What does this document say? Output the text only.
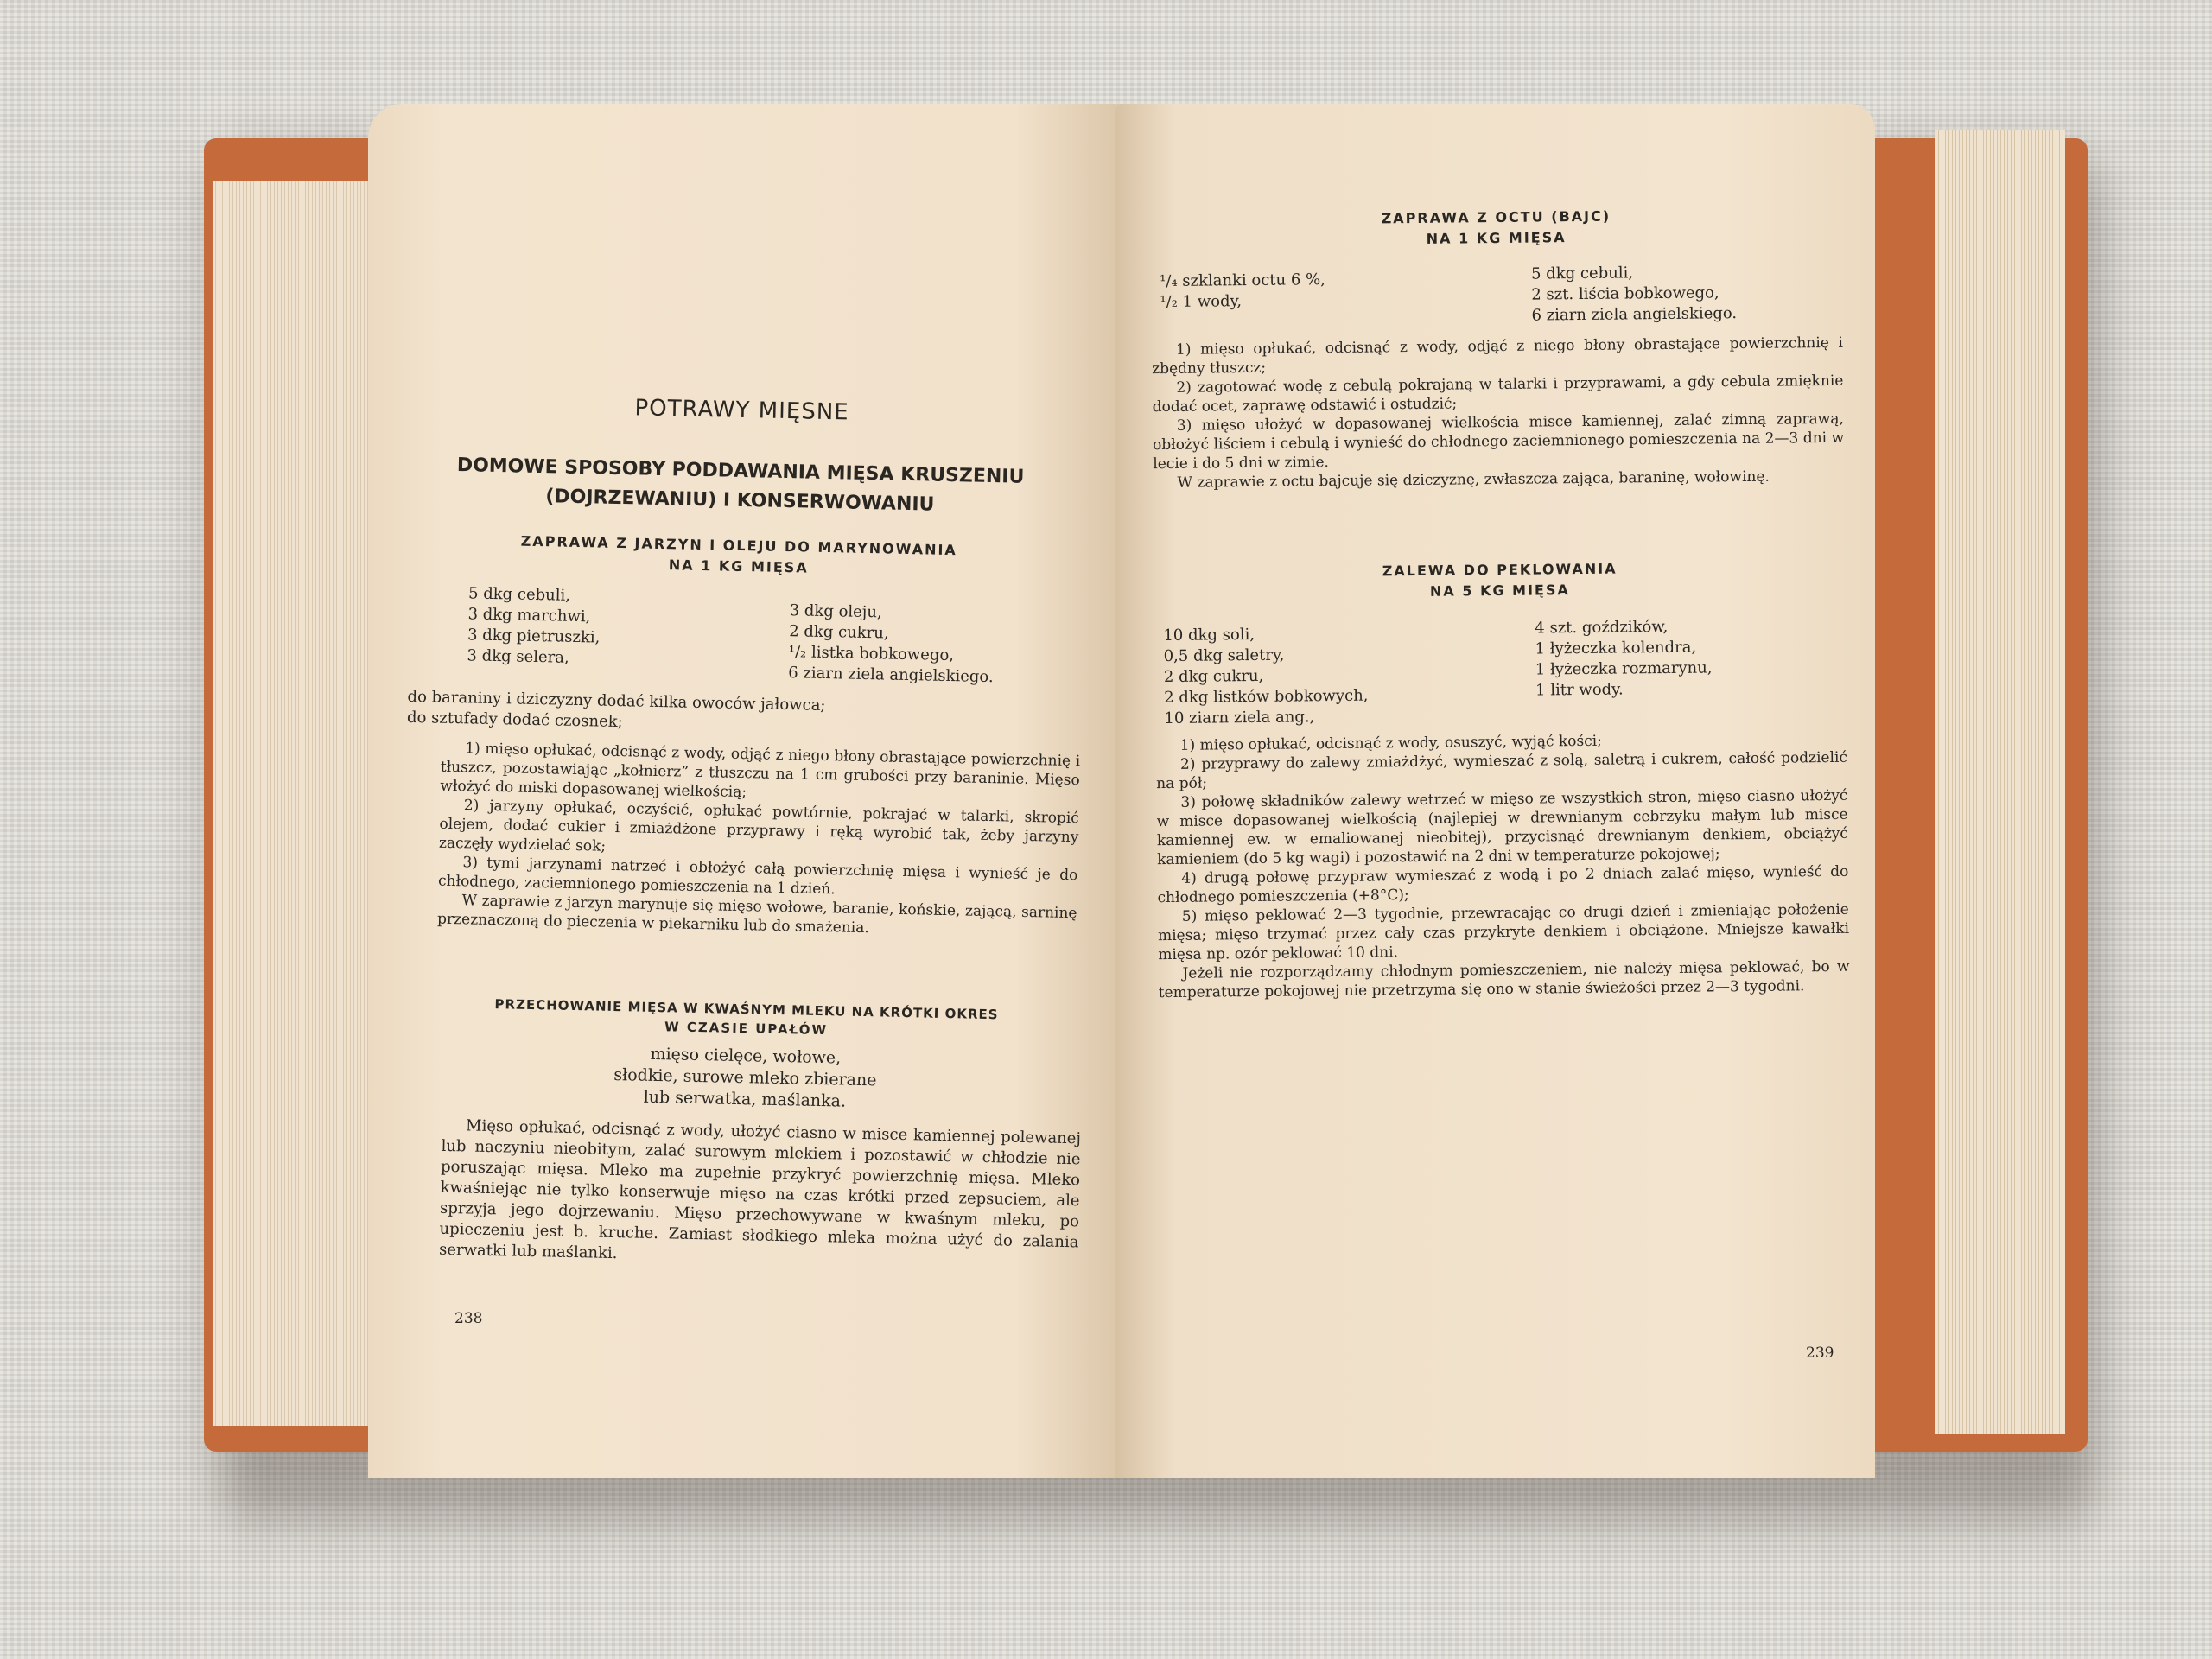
POTRAWY MIĘSNE
DOMOWE SPOSOBY PODDAWANIA MIĘSA KRUSZENIU
(DOJRZEWANIU) I KONSERWOWANIU
ZAPRAWA Z JARZYN I OLEJU DO MARYNOWANIA
NA 1 KG MIĘSA
5 dkg cebuli,
3 dkg marchwi,
3 dkg pietruszki,
3 dkg selera,
3 dkg oleju,
2 dkg cukru,
¹/₂ listka bobkowego,
6 ziarn ziela angielskiego.
do baraniny i dziczyzny dodać kilka owoców jałowca;
do sztufady dodać czosnek;

1) mięso opłukać, odcisnąć z wody, odjąć z niego błony obrastające powierzchnię i tłuszcz, pozostawiając „kołnierz” z tłuszczu na 1 cm grubości przy baraninie. Mięso włożyć do miski dopasowanej wielkością;

2) jarzyny opłukać, oczyścić, opłukać powtórnie, pokrajać w talarki, skropić olejem, dodać cukier i zmiażdżone przyprawy i ręką wyrobić tak, żeby jarzyny zaczęły wydzielać sok;

3) tymi jarzynami natrzeć i obłożyć całą powierzchnię mięsa i wynieść je do chłodnego, zaciemnionego pomieszczenia na 1 dzień.

W zaprawie z jarzyn marynuje się mięso wołowe, baranie, końskie, zającą, sarninę przeznaczoną do pieczenia w piekarniku lub do smażenia.

PRZECHOWANIE MIĘSA W KWAŚNYM MLEKU NA KRÓTKI OKRES
W CZASIE UPAŁÓW
mięso cielęce, wołowe,
słodkie, surowe mleko zbierane
lub serwatka, maślanka.

Mięso opłukać, odcisnąć z wody, ułożyć ciasno w misce kamiennej polewanej lub naczyniu nieobitym, zalać surowym mlekiem i pozostawić w chłodzie nie poruszając mięsa. Mleko ma zupełnie przykryć powierzchnię mięsa. Mleko kwaśniejąc nie tylko konserwuje mięso na czas krótki przed zepsuciem, ale sprzyja jego dojrzewaniu. Mięso przechowywane w kwaśnym mleku, po upieczeniu jest b. kruche. Zamiast słodkiego mleka można użyć do zalania serwatki lub maślanki.

238
ZAPRAWA Z OCTU (BAJC)
NA 1 KG MIĘSA
¹/₄ szklanki octu 6 %,
¹/₂ 1 wody,
5 dkg cebuli,
2 szt. liścia bobkowego,
6 ziarn ziela angielskiego.

1) mięso opłukać, odcisnąć z wody, odjąć z niego błony obrastające powierzchnię i zbędny tłuszcz;

2) zagotować wodę z cebulą pokrajaną w talarki i przyprawami, a gdy cebula zmięknie dodać ocet, zaprawę odstawić i ostudzić;

3) mięso ułożyć w dopasowanej wielkością misce kamiennej, zalać zimną zaprawą, obłożyć liściem i cebulą i wynieść do chłodnego zaciemnionego pomieszczenia na 2—3 dni w lecie i do 5 dni w zimie.

W zaprawie z octu bajcuje się dziczyznę, zwłaszcza zająca, baraninę, wołowinę.

ZALEWA DO PEKLOWANIA
NA 5 KG MIĘSA
10 dkg soli,
0,5 dkg saletry,
2 dkg cukru,
2 dkg listków bobkowych,
10 ziarn ziela ang.,
4 szt. goździków,
1 łyżeczka kolendra,
1 łyżeczka rozmarynu,
1 litr wody.

1) mięso opłukać, odcisnąć z wody, osuszyć, wyjąć kości;

2) przyprawy do zalewy zmiażdżyć, wymieszać z solą, saletrą i cukrem, całość podzielić na pół;

3) połowę składników zalewy wetrzeć w mięso ze wszystkich stron, mięso ciasno ułożyć w misce dopasowanej wielkością (najlepiej w drewnianym cebrzyku małym lub misce kamiennej ew. w emaliowanej nieobitej), przycisnąć drewnianym denkiem, obciążyć kamieniem (do 5 kg wagi) i pozostawić na 2 dni w temperaturze pokojowej;

4) drugą połowę przypraw wymieszać z wodą i po 2 dniach zalać mięso, wynieść do chłodnego pomieszczenia (+8°C);

5) mięso peklować 2—3 tygodnie, przewracając co drugi dzień i zmieniając położenie mięsa; mięso trzymać przez cały czas przykryte denkiem i obciążone. Mniejsze kawałki mięsa np. ozór peklować 10 dni.

Jeżeli nie rozporządzamy chłodnym pomieszczeniem, nie należy mięsa peklować, bo w temperaturze pokojowej nie przetrzyma się ono w stanie świeżości przez 2—3 tygodni.

239
